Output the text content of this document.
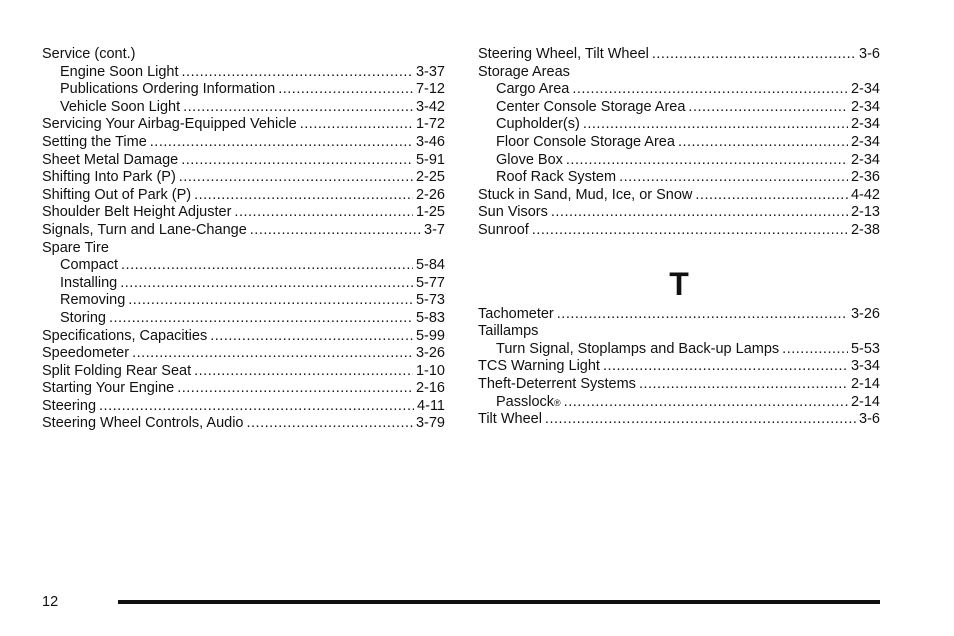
Service (cont.)
Engine Soon Light .....	3-37
Publications Ordering Information .....	7-12
Vehicle Soon Light .....	3-42
Servicing Your Airbag-Equipped Vehicle .....	1-72
Setting the Time .....	3-46
Sheet Metal Damage .....	5-91
Shifting Into Park (P) .....	2-25
Shifting Out of Park (P) .....	2-26
Shoulder Belt Height Adjuster .....	1-25
Signals, Turn and Lane-Change .....	3-7
Spare Tire
Compact .....	5-84
Installing .....	5-77
Removing .....	5-73
Storing .....	5-83
Specifications, Capacities .....	5-99
Speedometer .....	3-26
Split Folding Rear Seat .....	1-10
Starting Your Engine .....	2-16
Steering .....	4-11
Steering Wheel Controls, Audio .....	3-79
Steering Wheel, Tilt Wheel .....	3-6
Storage Areas
Cargo Area .....	2-34
Center Console Storage Area .....	2-34
Cupholder(s) .....	2-34
Floor Console Storage Area .....	2-34
Glove Box .....	2-34
Roof Rack System .....	2-36
Stuck in Sand, Mud, Ice, or Snow .....	4-42
Sun Visors .....	2-13
Sunroof .....	2-38
T
Tachometer .....	3-26
Taillamps
Turn Signal, Stoplamps and Back-up Lamps .....	5-53
TCS Warning Light .....	3-34
Theft-Deterrent Systems .....	2-14
Passlock ® .....	2-14
Tilt Wheel .....	3-6
12
